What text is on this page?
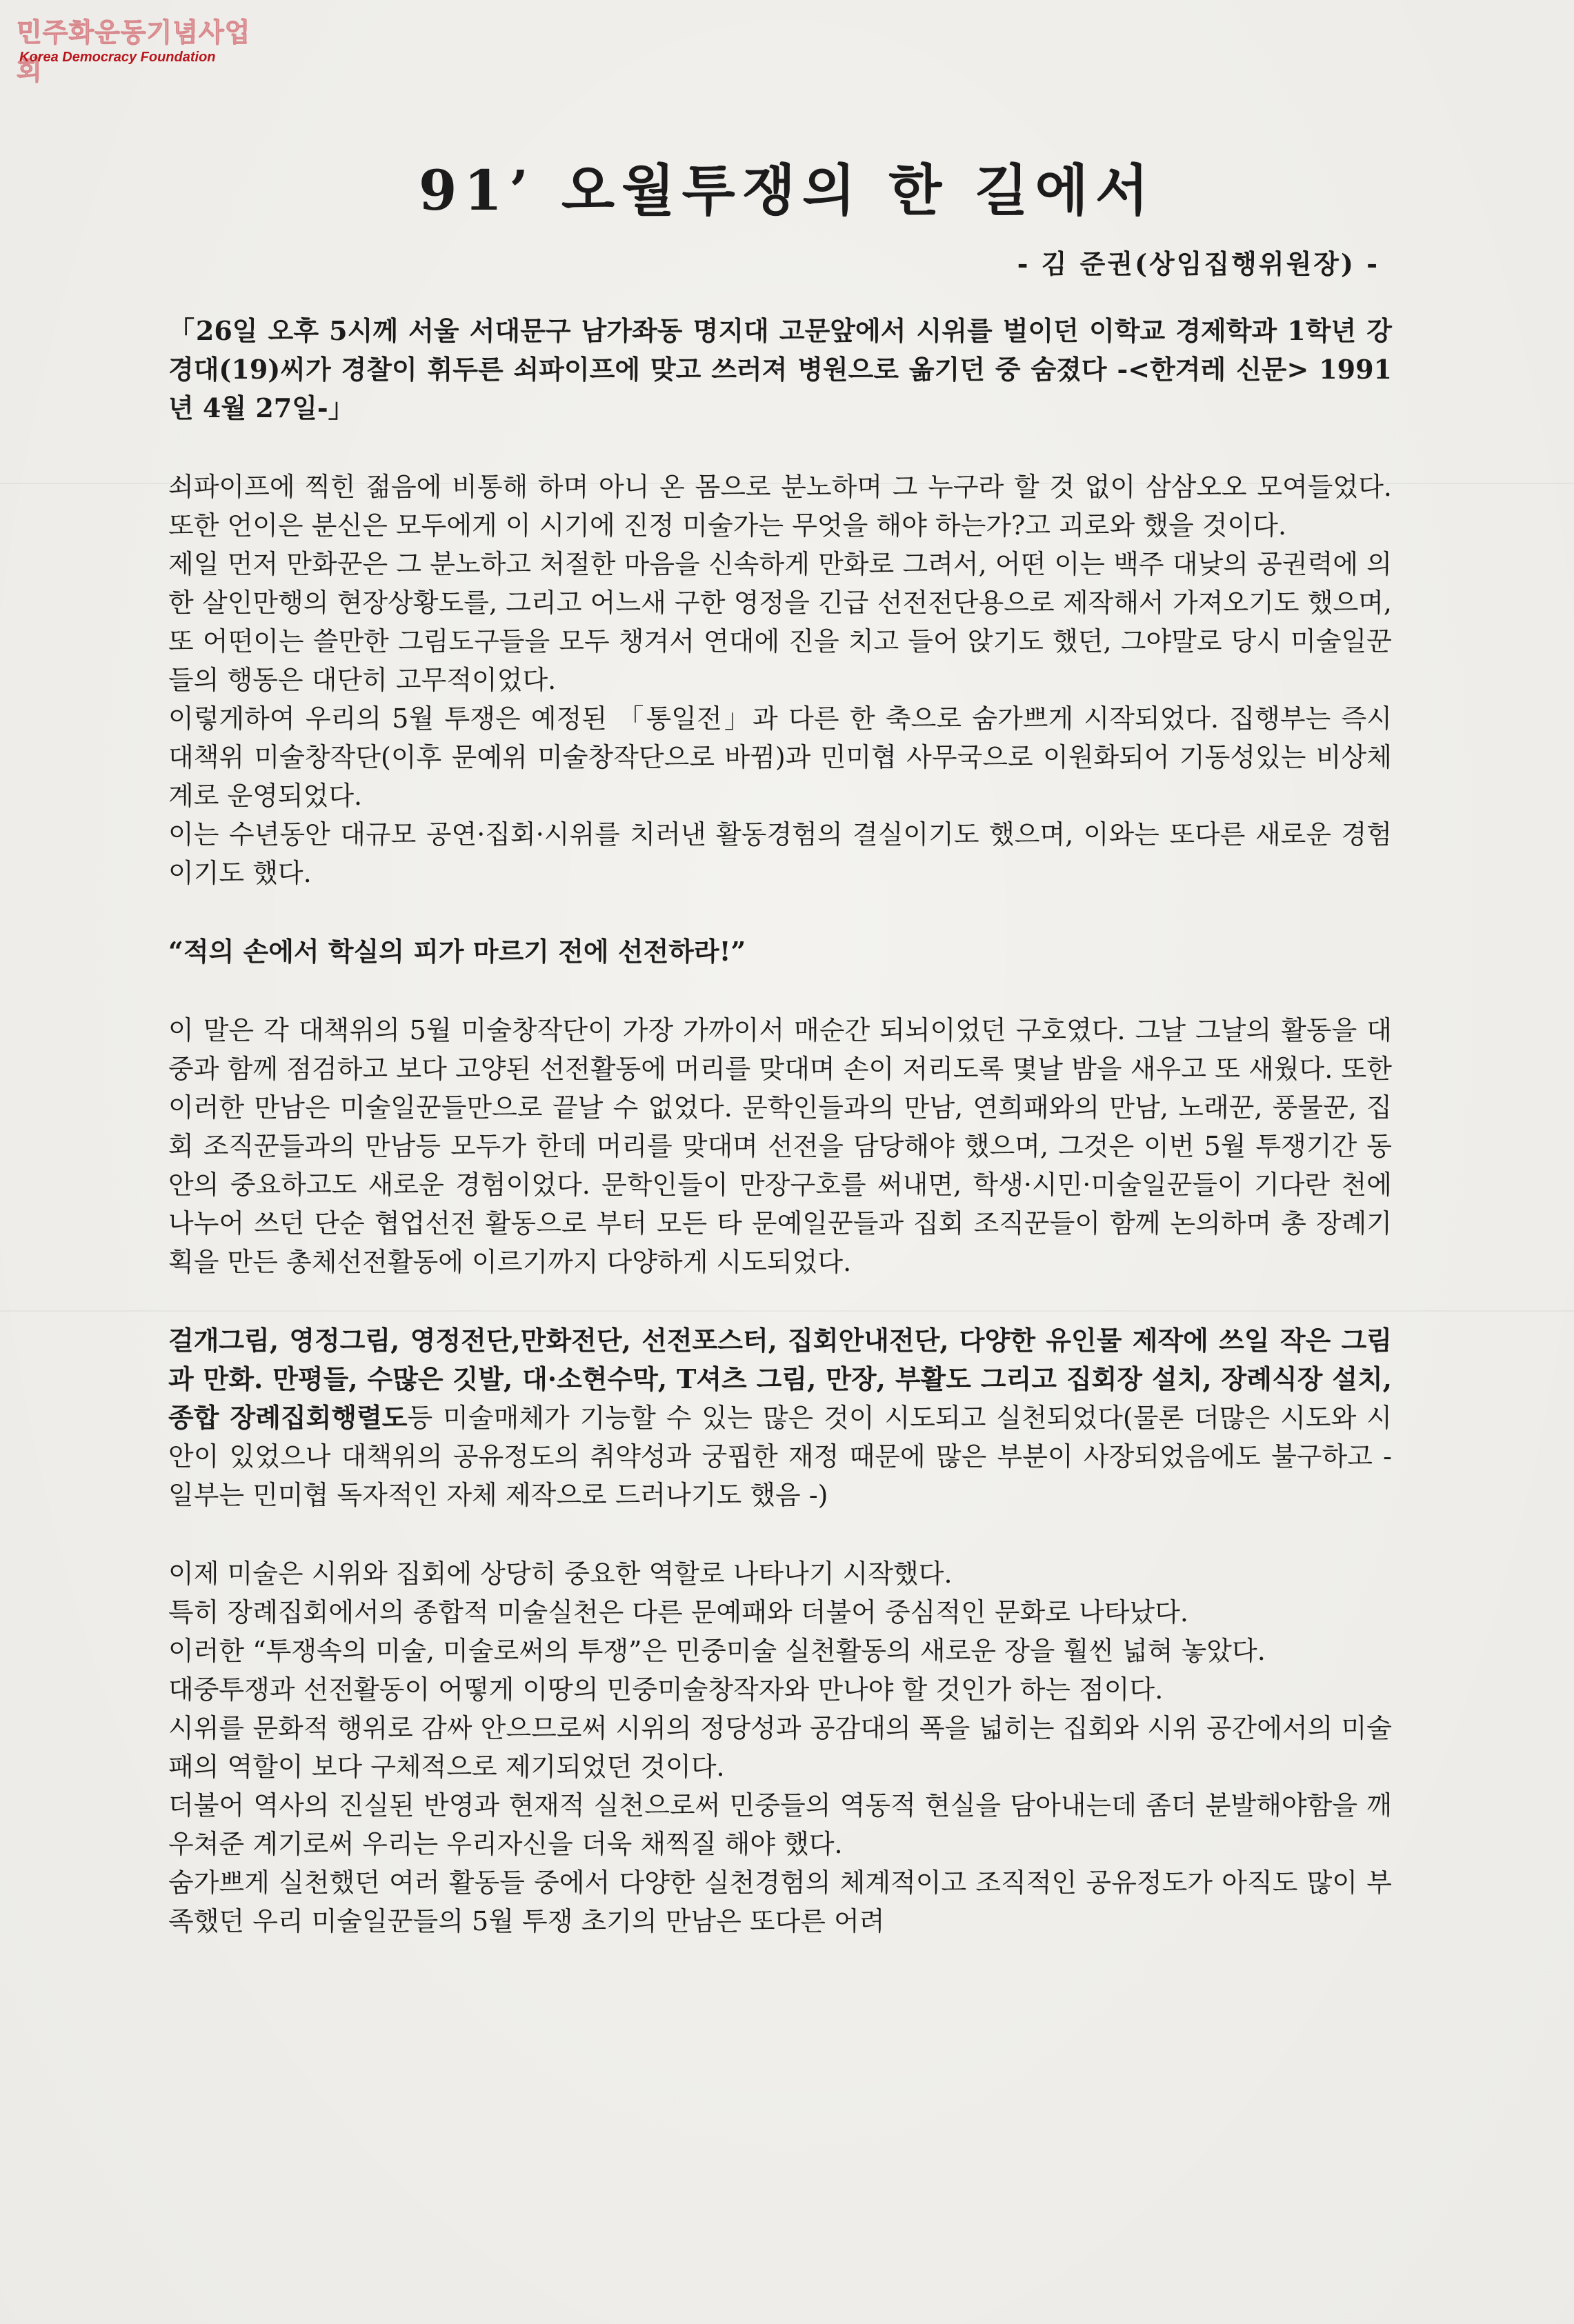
민주화운동기념사업회
Korea Democracy Foundation
91’ 오월투쟁의 한 길에서
- 김 준권(상임집행위원장) -

「26일 오후 5시께 서울 서대문구 남가좌동 명지대 고문앞에서 시위를 벌이던 이학교 경제학과 1학년 강경대(19)씨가 경찰이 휘두른 쇠파이프에 맞고 쓰러져 병원으로 옮기던 중 숨졌다 -<한겨레 신문> 1991년 4월 27일-」

쇠파이프에 찍힌 젊음에 비통해 하며 아니 온 몸으로 분노하며 그 누구라 할 것 없이 삼삼오오 모여들었다. 또한 언이은 분신은 모두에게 이 시기에 진정 미술가는 무엇을 해야 하는가?고 괴로와 했을 것이다.

제일 먼저 만화꾼은 그 분노하고 처절한 마음을 신속하게 만화로 그려서, 어떤 이는 백주 대낮의 공권력에 의한 살인만행의 현장상황도를, 그리고 어느새 구한 영정을 긴급 선전전단용으로 제작해서 가져오기도 했으며, 또 어떤이는 쓸만한 그림도구들을 모두 챙겨서 연대에 진을 치고 들어 앉기도 했던, 그야말로 당시 미술일꾼들의 행동은 대단히 고무적이었다.

이렇게하여 우리의 5월 투쟁은 예정된 「통일전」과 다른 한 축으로 숨가쁘게 시작되었다. 집행부는 즉시 대책위 미술창작단(이후 문예위 미술창작단으로 바뀜)과 민미협 사무국으로 이원화되어 기동성있는 비상체계로 운영되었다.

이는 수년동안 대규모 공연·집회·시위를 치러낸 활동경험의 결실이기도 했으며, 이와는 또다른 새로운 경험이기도 했다.

“적의 손에서 학실의 피가 마르기 전에 선전하라!”

이 말은 각 대책위의 5월 미술창작단이 가장 가까이서 매순간 되뇌이었던 구호였다. 그날 그날의 활동을 대중과 함께 점검하고 보다 고양된 선전활동에 머리를 맞대며 손이 저리도록 몇날 밤을 새우고 또 새웠다. 또한 이러한 만남은 미술일꾼들만으로 끝날 수 없었다. 문학인들과의 만남, 연희패와의 만남, 노래꾼, 풍물꾼, 집회 조직꾼들과의 만남등 모두가 한데 머리를 맞대며 선전을 담당해야 했으며, 그것은 이번 5월 투쟁기간 동안의 중요하고도 새로운 경험이었다. 문학인들이 만장구호를 써내면, 학생·시민·미술일꾼들이 기다란 천에 나누어 쓰던 단순 협업선전 활동으로 부터 모든 타 문예일꾼들과 집회 조직꾼들이 함께 논의하며 총 장례기획을 만든 총체선전활동에 이르기까지 다양하게 시도되었다.

걸개그림, 영정그림, 영정전단,만화전단, 선전포스터, 집회안내전단, 다양한 유인물 제작에 쓰일 작은 그림과 만화. 만평들, 수많은 깃발, 대·소현수막, T셔츠 그림, 만장, 부활도 그리고 집회장 설치, 장례식장 설치, 종합 장례집회행렬도등 미술매체가 기능할 수 있는 많은 것이 시도되고 실천되었다(물론 더많은 시도와 시안이 있었으나 대책위의 공유정도의 취약성과 궁핍한 재정 때문에 많은 부분이 사장되었음에도 불구하고 - 일부는 민미협 독자적인 자체 제작으로 드러나기도 했음 -)

이제 미술은 시위와 집회에 상당히 중요한 역할로 나타나기 시작했다.

특히 장례집회에서의 종합적 미술실천은 다른 문예패와 더불어 중심적인 문화로 나타났다.

이러한 “투쟁속의 미술, 미술로써의 투쟁”은 민중미술 실천활동의 새로운 장을 훨씬 넓혀 놓았다.

대중투쟁과 선전활동이 어떻게 이땅의 민중미술창작자와 만나야 할 것인가 하는 점이다.

시위를 문화적 행위로 감싸 안으므로써 시위의 정당성과 공감대의 폭을 넓히는 집회와 시위 공간에서의 미술패의 역할이 보다 구체적으로 제기되었던 것이다.

더불어 역사의 진실된 반영과 현재적 실천으로써 민중들의 역동적 현실을 담아내는데 좀더 분발해야함을 깨우쳐준 계기로써 우리는 우리자신을 더욱 채찍질 해야 했다.

숨가쁘게 실천했던 여러 활동들 중에서 다양한 실천경험의 체계적이고 조직적인 공유정도가 아직도 많이 부족했던 우리 미술일꾼들의 5월 투쟁 초기의 만남은 또다른 어려
